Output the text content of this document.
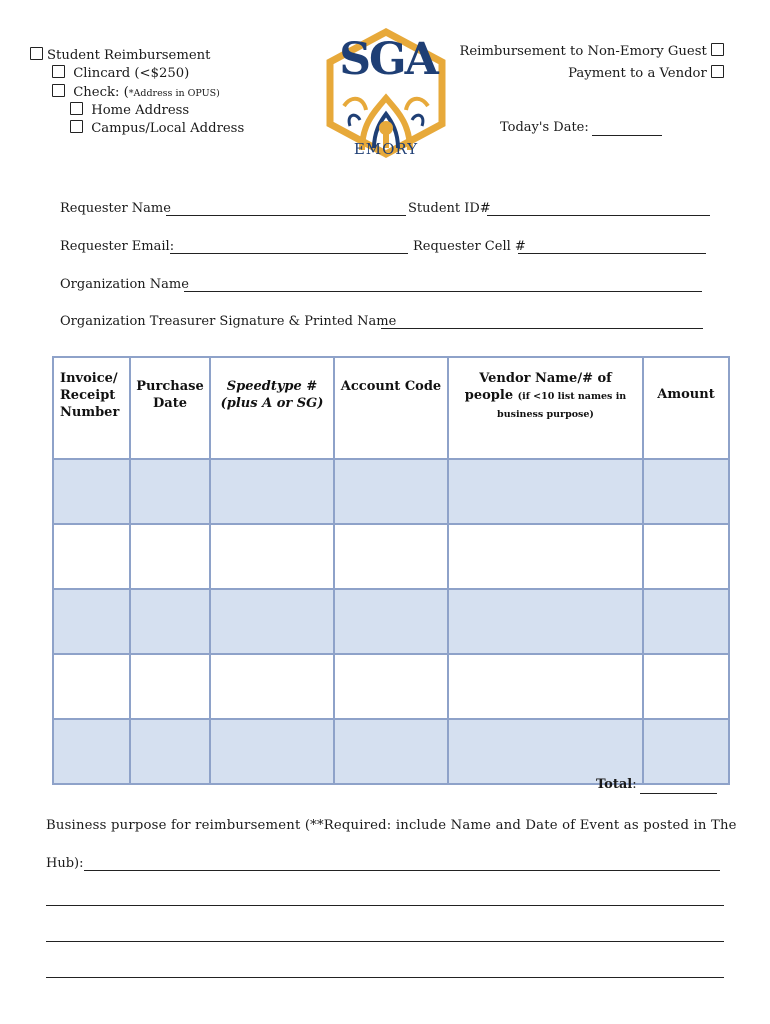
Student Reimbursement
Clincard (<$250)
Check: (*Address in OPUS)
Home Address
Campus/Local Address
SGA
EMORY
Reimbursement to Non-Emory Guest
Payment to a Vendor
Today's Date:
Requester Name	Student ID#
Requester Email:	Requester Cell #
Organization Name
Organization Treasurer Signature & Printed Name
Invoice/ Receipt Number	Purchase Date	Speedtype # (plus A or SG)	Account Code	Vendor Name/# of people (if <10 list names in business purpose)	Amount

Total:
Business purpose for reimbursement (**Required: include Name and Date of Event as posted in The
Hub):
